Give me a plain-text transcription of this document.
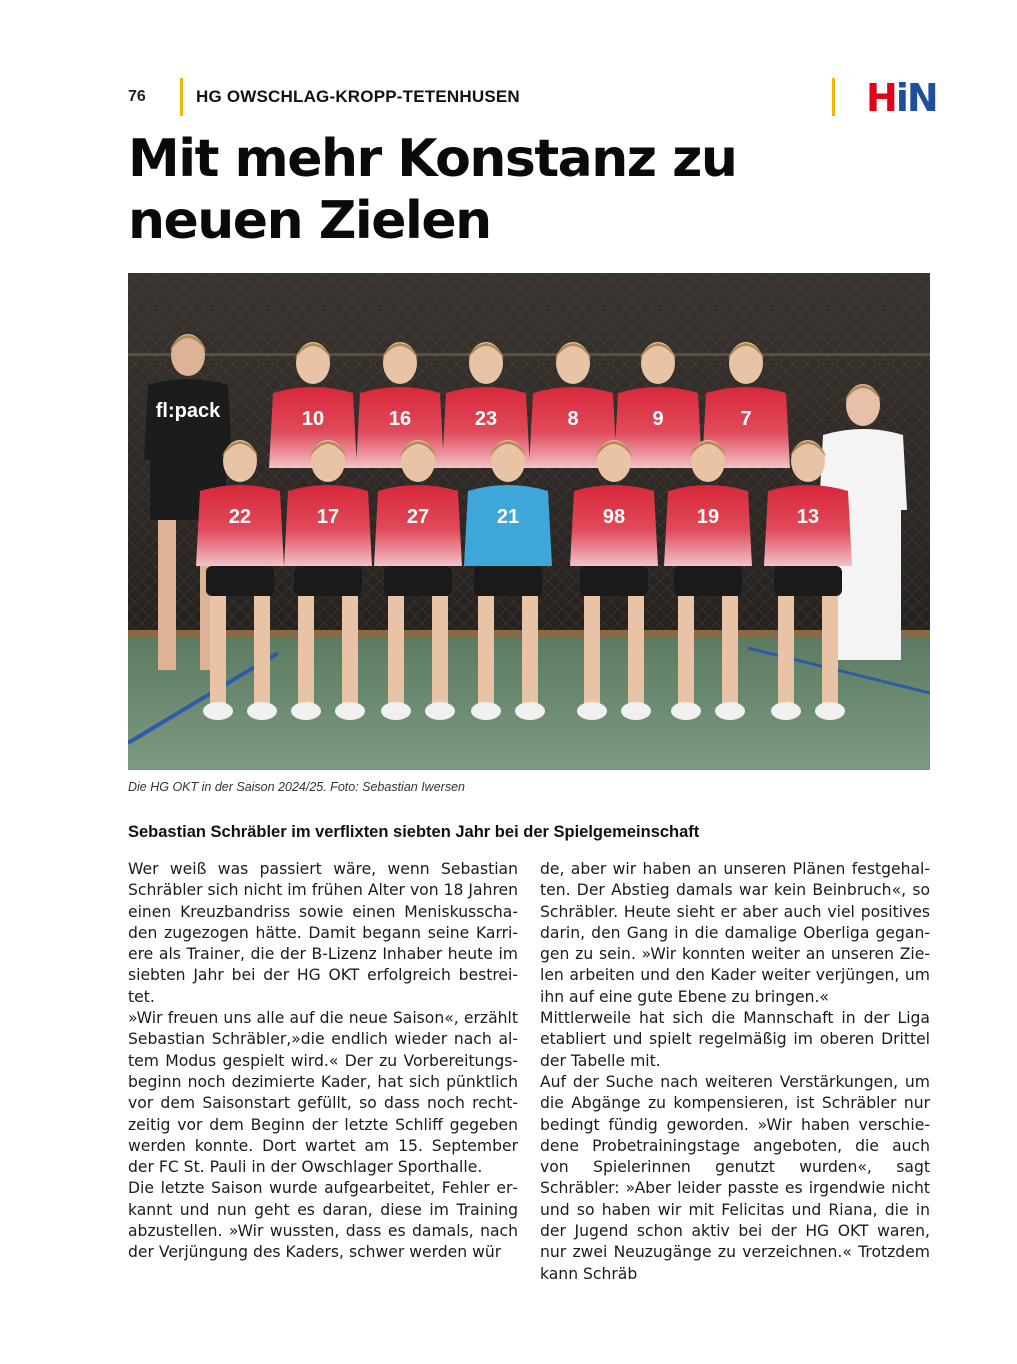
76	HG OWSCHLAG-KROPP-TETENHUSEN	HiN
Mit mehr Konstanz zu
neuen Zielen
fl:pack	10	16	23	8	9	7
22	17	27	21	98	19	13
Die HG OKT in der Saison 2024/25. Foto: Sebastian Iwersen
Sebastian Schräbler im verflixten siebten Jahr bei der Spielgemeinschaft

Wer weiß was passiert wäre, wenn Sebastian Schräbler sich nicht im frühen Alter von 18 Jahren einen Kreuzbandriss sowie einen Meniskusschaden zugezogen hätte. Damit begann seine Karriere als Trainer, die der B-Lizenz Inhaber heute im siebten Jahr bei der HG OKT erfolgreich bestreitet.

»Wir freuen uns alle auf die neue Saison«, erzählt Sebastian Schräbler,»die endlich wieder nach altem Modus gespielt wird.« Der zu Vorbereitungsbeginn noch dezimierte Kader, hat sich pünktlich vor dem Saisonstart gefüllt, so dass noch rechtzeitig vor dem Beginn der letzte Schliff gegeben werden konnte. Dort wartet am 15. September der FC St. Pauli in der Owschlager Sporthalle.

Die letzte Saison wurde aufgearbeitet, Fehler erkannt und nun geht es daran, diese im Training abzustellen. »Wir wussten, dass es damals, nach der Verjüngung des Kaders, schwer werden wür

de, aber wir haben an unseren Plänen festgehalten. Der Abstieg damals war kein Beinbruch«, so Schräbler. Heute sieht er aber auch viel positives darin, den Gang in die damalige Oberliga gegangen zu sein. »Wir konnten weiter an unseren Zielen arbeiten und den Kader weiter verjüngen, um ihn auf eine gute Ebene zu bringen.«

Mittlerweile hat sich die Mannschaft in der Liga etabliert und spielt regelmäßig im oberen Drittel der Tabelle mit.

Auf der Suche nach weiteren Verstärkungen, um die Abgänge zu kompensieren, ist Schräbler nur bedingt fündig geworden. »Wir haben verschiedene Probetrainingstage angeboten, die auch von Spielerinnen genutzt wurden«, sagt Schräbler: »Aber leider passte es irgendwie nicht und so haben wir mit Felicitas und Riana, die in der Jugend schon aktiv bei der HG OKT waren, nur zwei Neuzugänge zu verzeichnen.« Trotzdem kann Schräb
